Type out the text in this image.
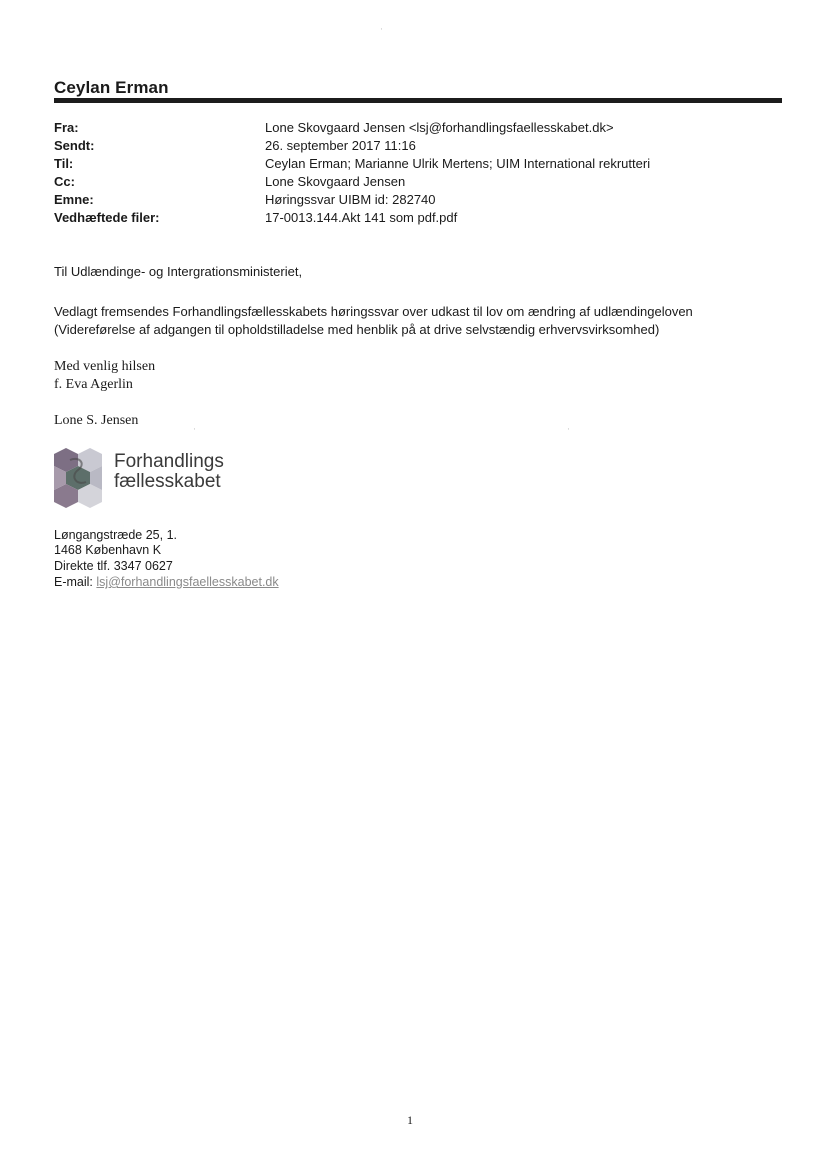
Ceylan Erman
Fra:	Lone Skovgaard Jensen <lsj@forhandlingsfaellesskabet.dk>
Sendt:	26. september 2017 11:16
Til:	Ceylan Erman; Marianne Ulrik Mertens; UIM International rekrutteri
Cc:	Lone Skovgaard Jensen
Emne:	Høringssvar UIBM id: 282740
Vedhæftede filer:	17-0013.144.Akt 141 som pdf.pdf
Til Udlændinge- og Intergrationsministeriet,
Vedlagt fremsendes Forhandlingsfællesskabets høringssvar over udkast til lov om ændring af udlændingeloven
(Videreførelse af adgangen til opholdstilladelse med henblik på at drive selvstændig erhvervsvirksomhed)
Med venlig hilsen
f. Eva Agerlin
Lone S. Jensen
Forhandlings
fællesskabet
Løngangstræde 25, 1.
1468 København K
Direkte tlf. 3347 0627
E-mail: lsj@forhandlingsfaellesskabet.dk
·
·	·
1
